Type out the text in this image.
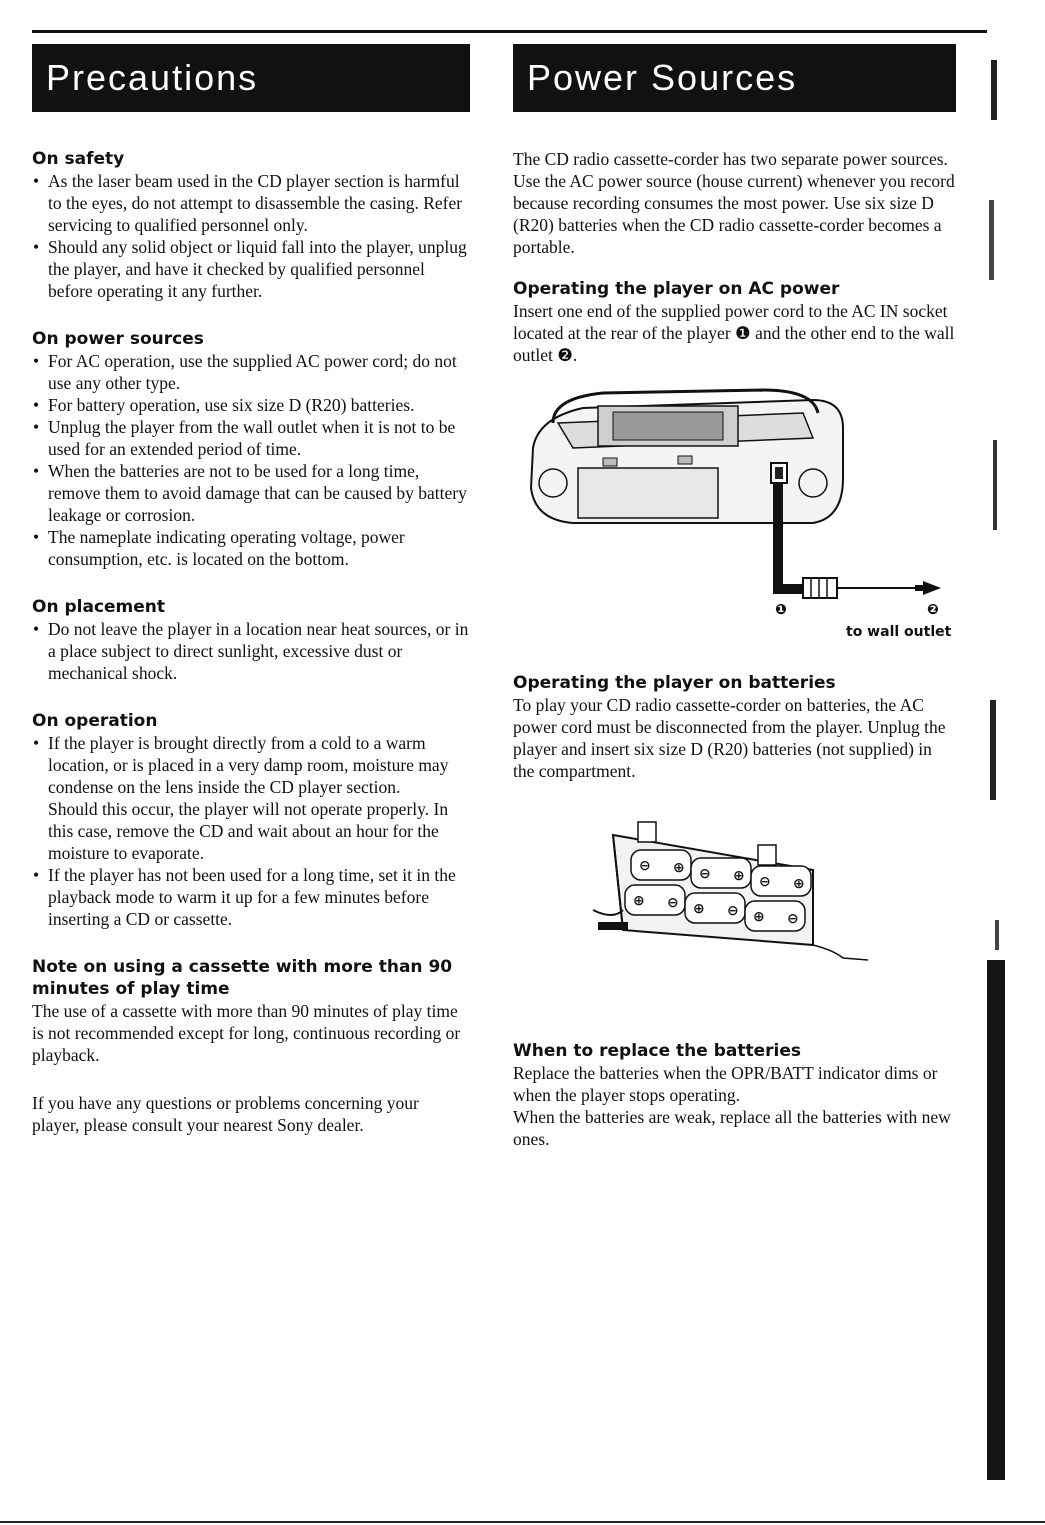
Precautions
On safety
• As the laser beam used in the CD player section is harmful to the eyes, do not attempt to disassemble the casing. Refer servicing to qualified personnel only.
• Should any solid object or liquid fall into the player, unplug the player, and have it checked by qualified personnel before operating it any further.
On power sources
• For AC operation, use the supplied AC power cord; do not use any other type.
• For battery operation, use six size D (R20) batteries.
• Unplug the player from the wall outlet when it is not to be used for an extended period of time.
• When the batteries are not to be used for a long time, remove them to avoid damage that can be caused by battery leakage or corrosion.
• The nameplate indicating operating voltage, power consumption, etc. is located on the bottom.
On placement
• Do not leave the player in a location near heat sources, or in a place subject to direct sunlight, excessive dust or mechanical shock.
On operation
• If the player is brought directly from a cold to a warm location, or is placed in a very damp room, moisture may condense on the lens inside the CD player section.
Should this occur, the player will not operate properly. In this case, remove the CD and wait about an hour for the moisture to evaporate.
• If the player has not been used for a long time, set it in the playback mode to warm it up for a few minutes before inserting a CD or cassette.
Note on using a cassette with more than 90 minutes of play time

The use of a cassette with more than 90 minutes of play time is not recommended except for long, continuous recording or playback.

If you have any questions or problems concerning your player, please consult your nearest Sony dealer.

Power Sources

The CD radio cassette-corder has two separate power sources. Use the AC power source (house current) whenever you record because recording consumes the most power. Use six size D (R20) batteries when the CD radio cassette-corder becomes a portable.

Operating the player on AC power

Insert one end of the supplied power cord to the AC IN socket located at the rear of the player ❶ and the other end to the wall outlet ❷.

❶	❷
to wall outlet
Operating the player on batteries

To play your CD radio cassette-corder on batteries, the AC power cord must be disconnected from the player. Unplug the player and insert six size D (R20) batteries (not supplied) in the compartment.

⊖ ⊕ ⊖ ⊕ ⊖ ⊕
⊕ ⊖ ⊕ ⊖ ⊕ ⊖
When to replace the batteries

Replace the batteries when the OPR/BATT indicator dims or when the player stops operating.

When the batteries are weak, replace all the batteries with new ones.
